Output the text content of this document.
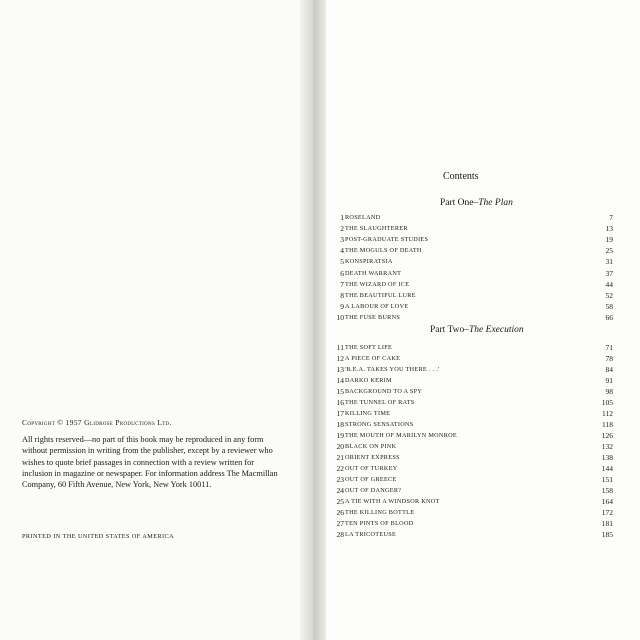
Copyright © 1957 Glidrose Productions Ltd.

All rights reserved—no part of this book may be reproduced in any form without permission in writing from the publisher, except by a reviewer who wishes to quote brief passages in connection with a review written for inclusion in magazine or newspaper. For information address The Macmillan Company, 60 Fifth Avenue, New York, New York 10011.

PRINTED IN THE UNITED STATES OF AMERICA
Contents
Part One–The Plan
1 ROSELAND	7
2 THE SLAUGHTERER	13
3 POST-GRADUATE STUDIES	19
4 THE MOGULS OF DEATH	25
5 KONSPIRATSIA	31
6 DEATH WARRANT	37
7 THE WIZARD OF ICE	44
8 THE BEAUTIFUL LURE	52
9 A LABOUR OF LOVE	58
10 THE FUSE BURNS	66
Part Two–The Execution
11 THE SOFT LIFE	71
12 A PIECE OF CAKE	78
13 'B.E.A. TAKES YOU THERE . . .'	84
14 DARKO KERIM	91
15 BACKGROUND TO A SPY	98
16 THE TUNNEL OF RATS	105
17 KILLING TIME	112
18 STRONG SENSATIONS	118
19 THE MOUTH OF MARILYN MONROE	126
20 BLACK ON PINK	132
21 ORIENT EXPRESS	138
22 OUT OF TURKEY	144
23 OUT OF GREECE	151
24 OUT OF DANGER?	158
25 A TIE WITH A WINDSOR KNOT	164
26 THE KILLING BOTTLE	172
27 TEN PINTS OF BLOOD	181
28 LA TRICOTEUSE	185
